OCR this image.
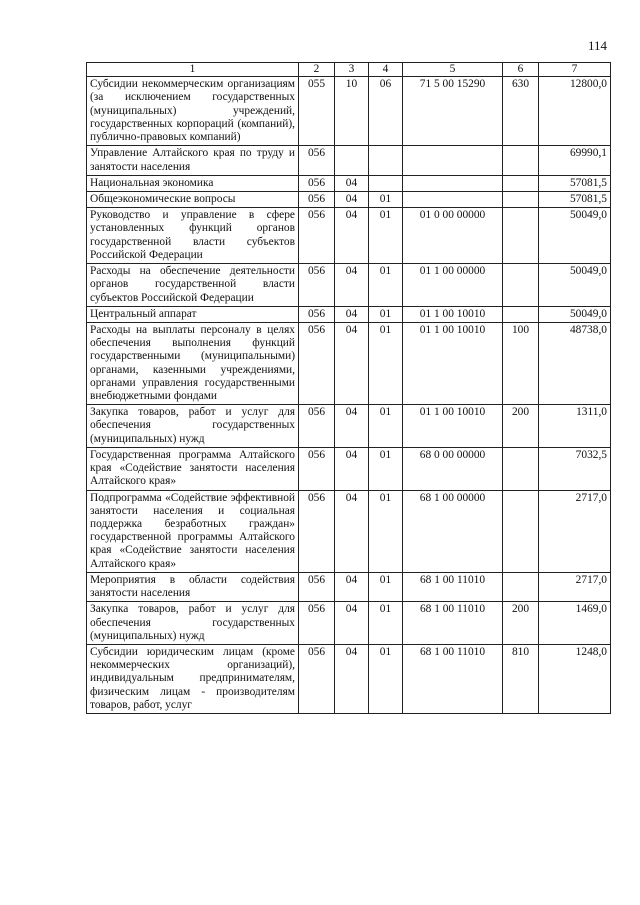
114
1	2	3	4	5	6	7
Субсидии некоммерческим организациям (за исключением государственных (муниципальных) учреждений, государственных корпораций (компаний), публично-правовых компаний)	055	10	06	71 5 00 15290	630	12800,0
Управление Алтайского края по труду и занятости населения	056					69990,1
Национальная экономика	056	04				57081,5
Общеэкономические вопросы	056	04	01			57081,5
Руководство и управление в сфере установленных функций органов государственной власти субъектов Российской Федерации	056	04	01	01 0 00 00000		50049,0
Расходы на обеспечение деятельности органов государственной власти субъектов Российской Федерации	056	04	01	01 1 00 00000		50049,0
Центральный аппарат	056	04	01	01 1 00 10010		50049,0
Расходы на выплаты персоналу в целях обеспечения выполнения функций государственными (муниципальными) органами, казенными учреждениями, органами управления государственными внебюджетными фондами	056	04	01	01 1 00 10010	100	48738,0
Закупка товаров, работ и услуг для обеспечения государственных (муниципальных) нужд	056	04	01	01 1 00 10010	200	1311,0
Государственная программа Алтайского края «Содействие занятости населения Алтайского края»	056	04	01	68 0 00 00000		7032,5
Подпрограмма «Содействие эффективной занятости населения и социальная поддержка безработных граждан» государственной программы Алтайского края «Содействие занятости населения Алтайского края»	056	04	01	68 1 00 00000		2717,0
Мероприятия в области содействия занятости населения	056	04	01	68 1 00 11010		2717,0
Закупка товаров, работ и услуг для обеспечения государственных (муниципальных) нужд	056	04	01	68 1 00 11010	200	1469,0
Субсидии юридическим лицам (кроме некоммерческих организаций), индивидуальным предпринимателям, физическим лицам - производителям товаров, работ, услуг	056	04	01	68 1 00 11010	810	1248,0
